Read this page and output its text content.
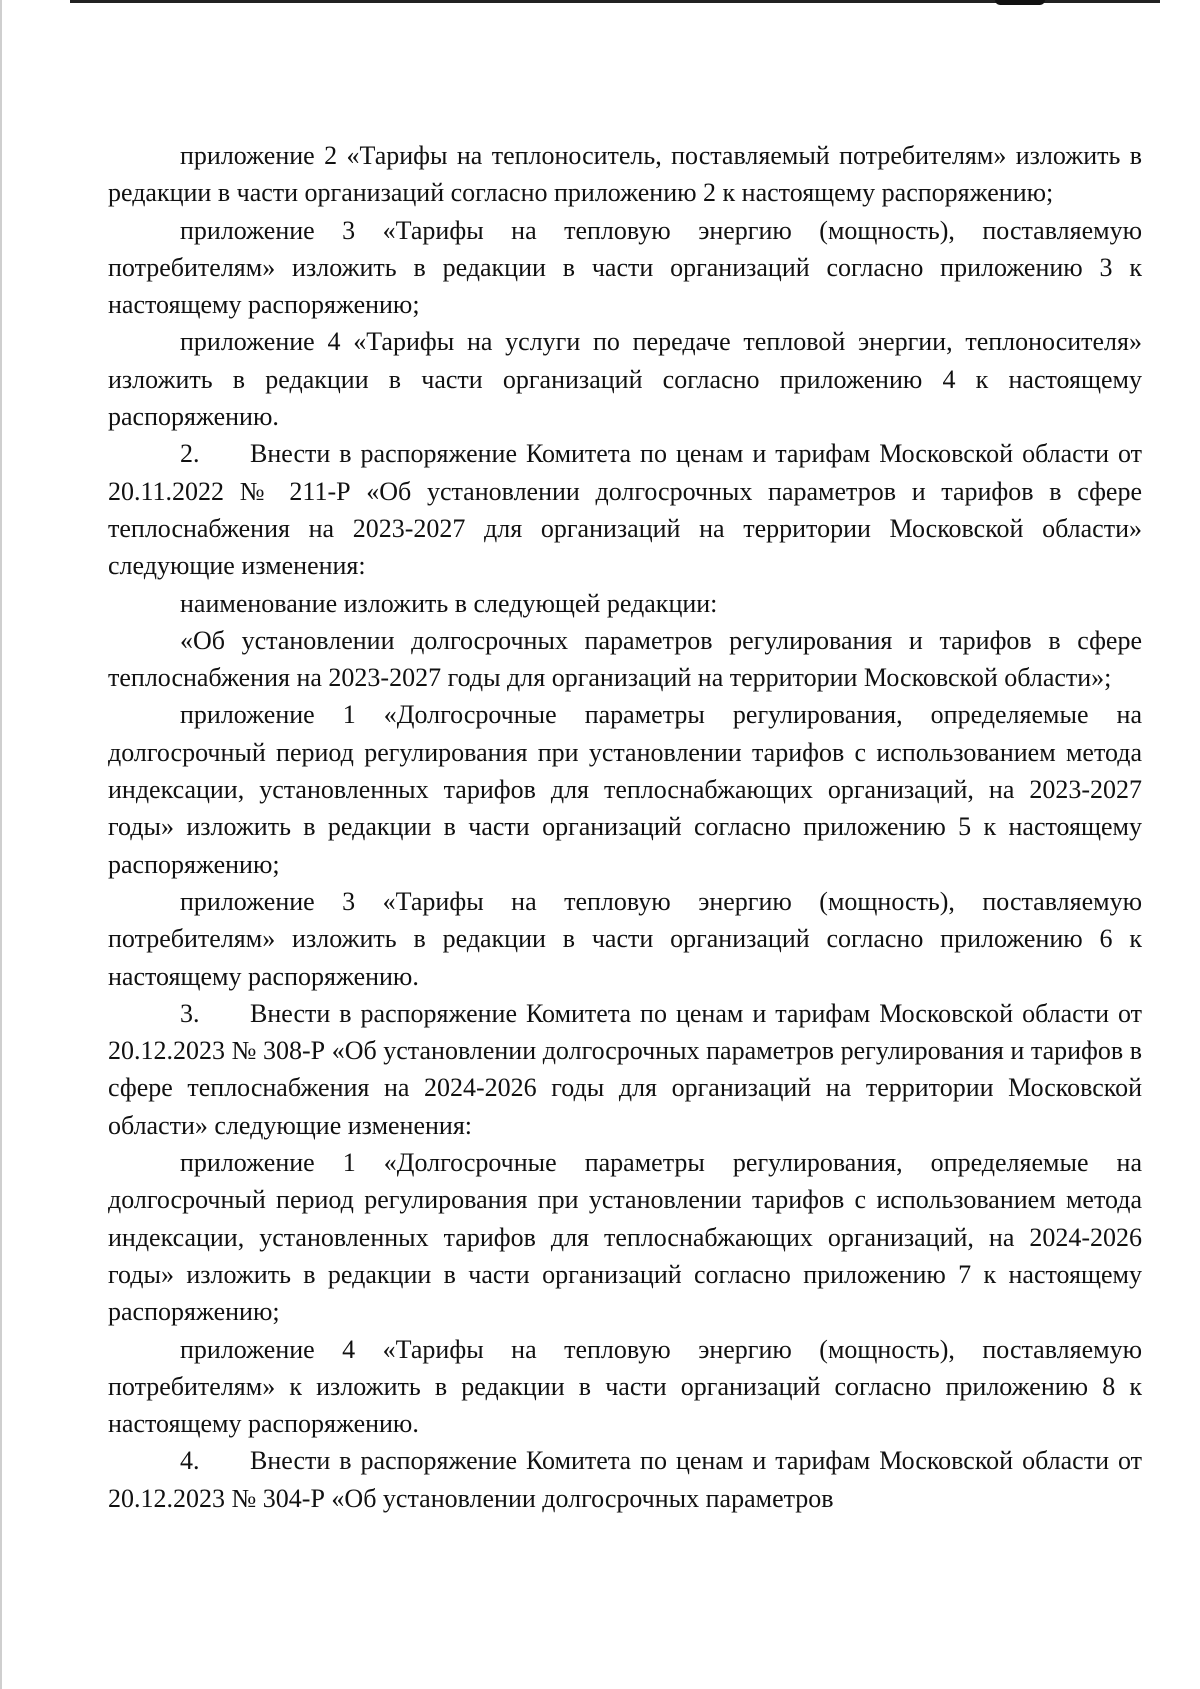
приложение 2 «Тарифы на теплоноситель, поставляемый потребителям» изложить в редакции в части организаций согласно приложению 2 к настоящему распоряжению;

приложение 3 «Тарифы на тепловую энергию (мощность), поставляемую потребителям» изложить в редакции в части организаций согласно приложению 3 к настоящему распоряжению;

приложение 4 «Тарифы на услуги по передаче тепловой энергии, теплоносителя» изложить в редакции в части организаций согласно приложению 4 к настоящему распоряжению.

2. Внести в распоряжение Комитета по ценам и тарифам Московской области от 20.11.2022 № 211-Р «Об установлении долгосрочных параметров и тарифов в сфере теплоснабжения на 2023-2027 для организаций на территории Московской области» следующие изменения:

наименование изложить в следующей редакции:

«Об установлении долгосрочных параметров регулирования и тарифов в сфере теплоснабжения на 2023-2027 годы для организаций на территории Московской области»;

приложение 1 «Долгосрочные параметры регулирования, определяемые на долгосрочный период регулирования при установлении тарифов с использованием метода индексации, установленных тарифов для теплоснабжающих организаций, на 2023-2027 годы» изложить в редакции в части организаций согласно приложению 5 к настоящему распоряжению;

приложение 3 «Тарифы на тепловую энергию (мощность), поставляемую потребителям» изложить в редакции в части организаций согласно приложению 6 к настоящему распоряжению.

3. Внести в распоряжение Комитета по ценам и тарифам Московской области от 20.12.2023 № 308-Р «Об установлении долгосрочных параметров регулирования и тарифов в сфере теплоснабжения на 2024-2026 годы для организаций на территории Московской области» следующие изменения:

приложение 1 «Долгосрочные параметры регулирования, определяемые на долгосрочный период регулирования при установлении тарифов с использованием метода индексации, установленных тарифов для теплоснабжающих организаций, на 2024-2026 годы» изложить в редакции в части организаций согласно приложению 7 к настоящему распоряжению;

приложение 4 «Тарифы на тепловую энергию (мощность), поставляемую потребителям» к изложить в редакции в части организаций согласно приложению 8 к настоящему распоряжению.

4. Внести в распоряжение Комитета по ценам и тарифам Московской области от 20.12.2023 № 304-Р «Об установлении долгосрочных параметров
